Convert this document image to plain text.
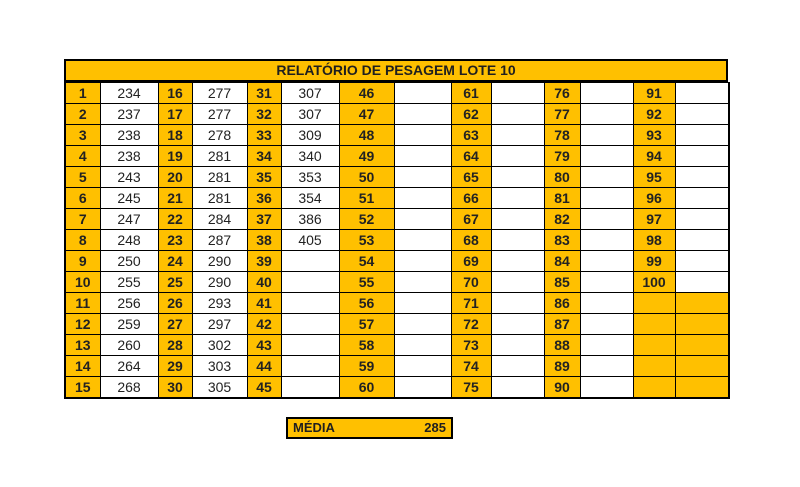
RELATÓRIO DE PESAGEM LOTE 10
1	234	16	277	31	307	46		61		76		91	
2	237	17	277	32	307	47		62		77		92	
3	238	18	278	33	309	48		63		78		93	
4	238	19	281	34	340	49		64		79		94	
5	243	20	281	35	353	50		65		80		95	
6	245	21	281	36	354	51		66		81		96	
7	247	22	284	37	386	52		67		82		97	
8	248	23	287	38	405	53		68		83		98	
9	250	24	290	39		54		69		84		99	
10	255	25	290	40		55		70		85		100	
11	256	26	293	41		56		71		86			
12	259	27	297	42		57		72		87			
13	260	28	302	43		58		73		88			
14	264	29	303	44		59		74		89			
15	268	30	305	45		60		75		90			
MÉDIA	285
